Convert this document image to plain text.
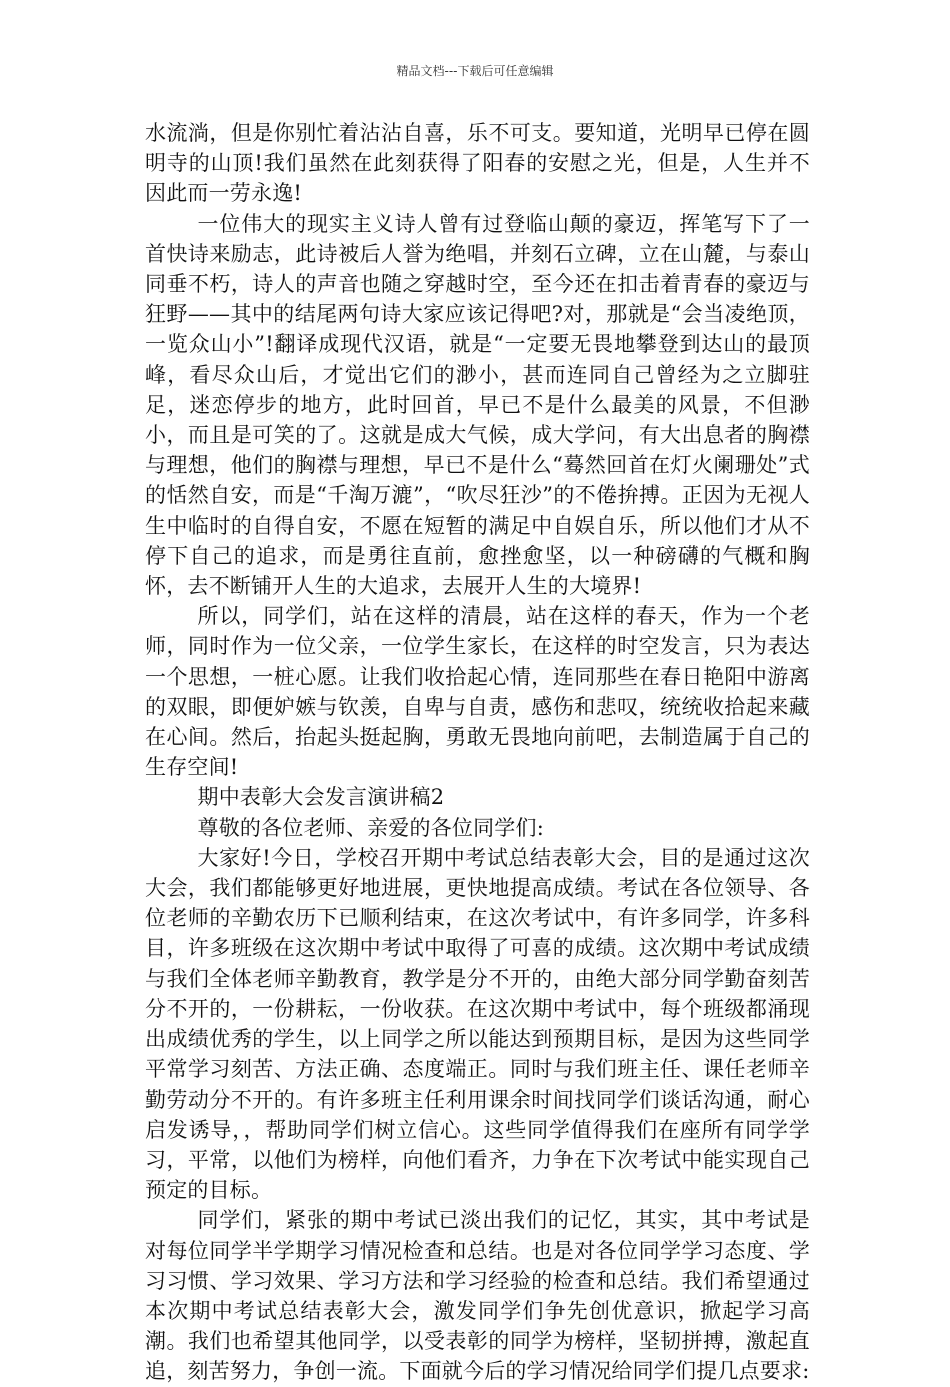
精品文档---下载后可任意编辑

水流淌，但是你别忙着沾沾自喜，乐不可支。要知道，光明早已停在圆明寺的山顶!我们虽然在此刻获得了阳春的安慰之光，但是，人生并不因此而一劳永逸!

一位伟大的现实主义诗人曾有过登临山颠的豪迈，挥笔写下了一首快诗来励志，此诗被后人誉为绝唱，并刻石立碑，立在山麓，与泰山同垂不朽，诗人的声音也随之穿越时空，至今还在扣击着青春的豪迈与狂野——其中的结尾两句诗大家应该记得吧?对，那就是“会当凌绝顶，一览众山小”!翻译成现代汉语，就是“一定要无畏地攀登到达山的最顶峰，看尽众山后，才觉出它们的渺小，甚而连同自己曾经为之立脚驻足，迷恋停步的地方，此时回首，早已不是什么最美的风景，不但渺小，而且是可笑的了。这就是成大气候，成大学问，有大出息者的胸襟与理想，他们的胸襟与理想，早已不是什么“蓦然回首在灯火阑珊处”式的恬然自安，而是“千淘万漉”，“吹尽狂沙”的不倦拚搏。正因为无视人生中临时的自得自安，不愿在短暂的满足中自娱自乐，所以他们才从不停下自己的追求，而是勇往直前，愈挫愈坚，以一种磅礴的气概和胸怀，去不断铺开人生的大追求，去展开人生的大境界!

所以，同学们，站在这样的清晨，站在这样的春天，作为一个老师，同时作为一位父亲，一位学生家长，在这样的时空发言，只为表达一个思想，一桩心愿。让我们收拾起心情，连同那些在春日艳阳中游离的双眼，即便妒嫉与钦羡，自卑与自责，感伤和悲叹，统统收拾起来藏在心间。然后，抬起头挺起胸，勇敢无畏地向前吧，去制造属于自己的生存空间!

期中表彰大会发言演讲稿2

尊敬的各位老师、亲爱的各位同学们:

大家好!今日，学校召开期中考试总结表彰大会，目的是通过这次大会，我们都能够更好地进展，更快地提高成绩。考试在各位领导、各位老师的辛勤农历下已顺利结束，在这次考试中，有许多同学，许多科目，许多班级在这次期中考试中取得了可喜的成绩。这次期中考试成绩与我们全体老师辛勤教育，教学是分不开的，由绝大部分同学勤奋刻苦分不开的，一份耕耘，一份收获。在这次期中考试中，每个班级都涌现出成绩优秀的学生，以上同学之所以能达到预期目标，是因为这些同学平常学习刻苦、方法正确、态度端正。同时与我们班主任、课任老师辛勤劳动分不开的。有许多班主任利用课余时间找同学们谈话沟通，耐心启发诱导，，帮助同学们树立信心。这些同学值得我们在座所有同学学习，平常，以他们为榜样，向他们看齐，力争在下次考试中能实现自己预定的目标。

同学们，紧张的期中考试已淡出我们的记忆，其实，其中考试是对每位同学半学期学习情况检查和总结。也是对各位同学学习态度、学习习惯、学习效果、学习方法和学习经验的检查和总结。我们希望通过本次期中考试总结表彰大会，激发同学们争先创优意识，掀起学习高潮。我们也希望其他同学，以受表彰的同学为榜样，坚韧拼搏，激起直追，刻苦努力，争创一流。下面就今后的学习情况给同学们提几点要求:
